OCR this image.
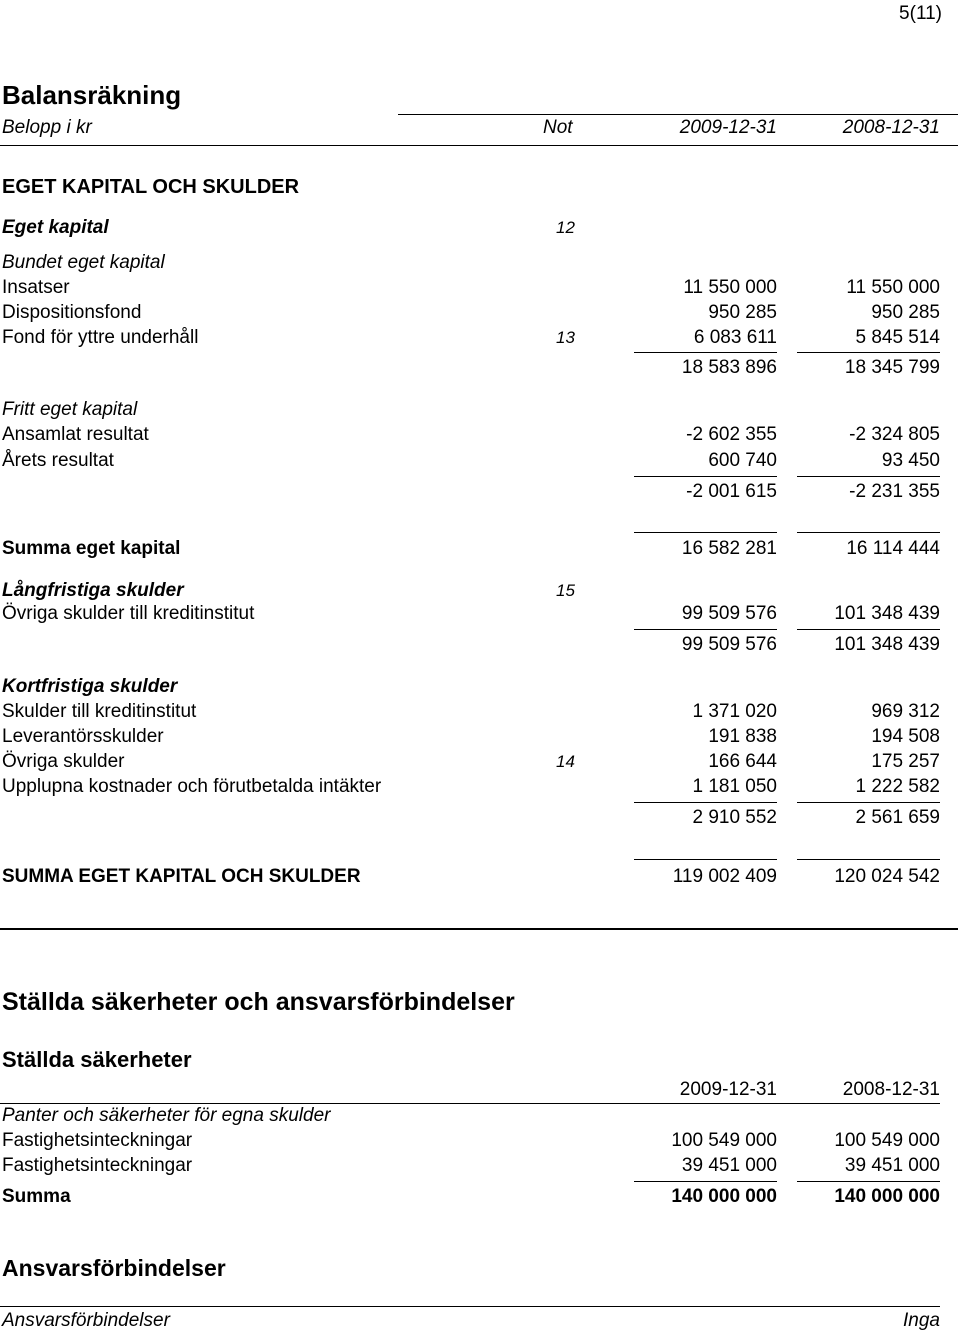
5(11)
Balansräkning
Belopp i kr	Not	2009-12-31	2008-12-31
EGET KAPITAL OCH SKULDER
Eget kapital	12
Bundet eget kapital
Insatser	11 550 000	11 550 000
Dispositionsfond	950 285	950 285
Fond för yttre underhåll	13	6 083 611	5 845 514
18 583 896	18 345 799
Fritt eget kapital
Ansamlat resultat	-2 602 355	-2 324 805
Årets resultat	600 740	93 450
-2 001 615	-2 231 355
Summa eget kapital	16 582 281	16 114 444
Långfristiga skulder	15
Övriga skulder till kreditinstitut	99 509 576	101 348 439
99 509 576	101 348 439
Kortfristiga skulder
Skulder till kreditinstitut	1 371 020	969 312
Leverantörsskulder	191 838	194 508
Övriga skulder	14	166 644	175 257
Upplupna kostnader och förutbetalda intäkter	1 181 050	1 222 582
2 910 552	2 561 659
SUMMA EGET KAPITAL OCH SKULDER	119 002 409	120 024 542
Ställda säkerheter och ansvarsförbindelser
Ställda säkerheter
2009-12-31	2008-12-31
Panter och säkerheter för egna skulder
Fastighetsinteckningar	100 549 000	100 549 000
Fastighetsinteckningar	39 451 000	39 451 000
Summa	140 000 000	140 000 000
Ansvarsförbindelser
Ansvarsförbindelser	Inga
